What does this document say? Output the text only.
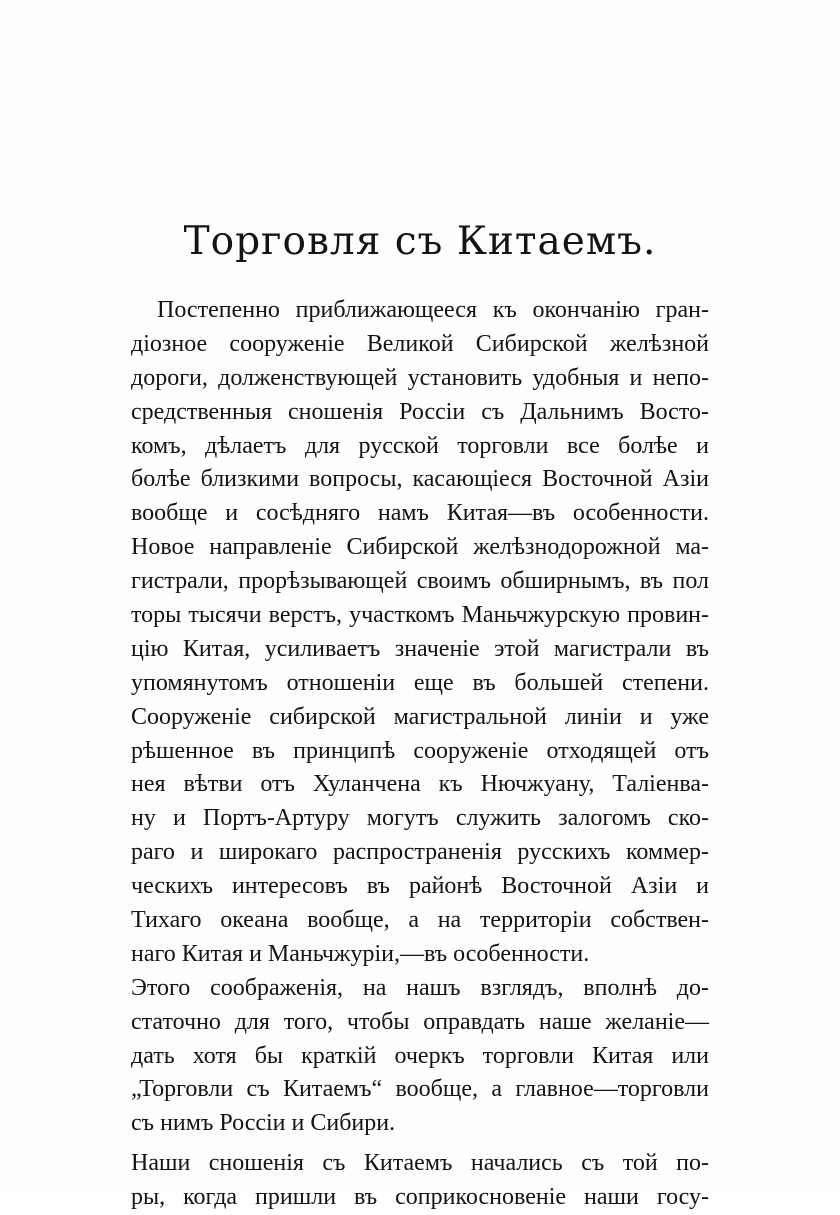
Торговля съ Китаемъ.

Постепенно приближающееся къ окончанію гран-
діозное сооруженіе Великой Сибирской желѣзной
дороги, долженствующей установить удобныя и непо-
средственныя сношенія Россіи съ Дальнимъ Восто-
комъ, дѣлаетъ для русской торговли все болѣе и
болѣе близкими вопросы, касающіеся Восточной Азіи
вообще и сосѣдняго намъ Китая—въ особенности.
Новое направленіе Сибирской желѣзнодорожной ма-
гистрали, прорѣзывающей своимъ обширнымъ, въ пол
торы тысячи верстъ, участкомъ Маньчжурскую провин-
цію Китая, усиливаетъ значеніе этой магистрали въ
упомянутомъ отношеніи еще въ большей степени.
Сооруженіе сибирской магистральной линіи и уже
рѣшенное въ принципѣ сооруженіе отходящей отъ
нея вѣтви отъ Хуланчена къ Нючжуану, Таліенва-
ну и Портъ-Артуру могутъ служить залогомъ ско-
раго и широкаго распространенія русскихъ коммер-
ческихъ интересовъ въ районѣ Восточной Азіи и
Тихаго океана вообще, а на территоріи собствен-
наго Китая и Маньчжуріи,—въ особенности.

Этого соображенія, на нашъ взглядъ, вполнѣ до-
статочно для того, чтобы оправдать наше желаніе—
дать хотя бы краткій очеркъ торговли Китая или
„Торговли съ Китаемъ“ вообще, а главное—торговли
съ нимъ Россіи и Сибири.

Наши сношенія съ Китаемъ начались съ той по-
ры, когда пришли въ соприкосновеніе наши госу-
